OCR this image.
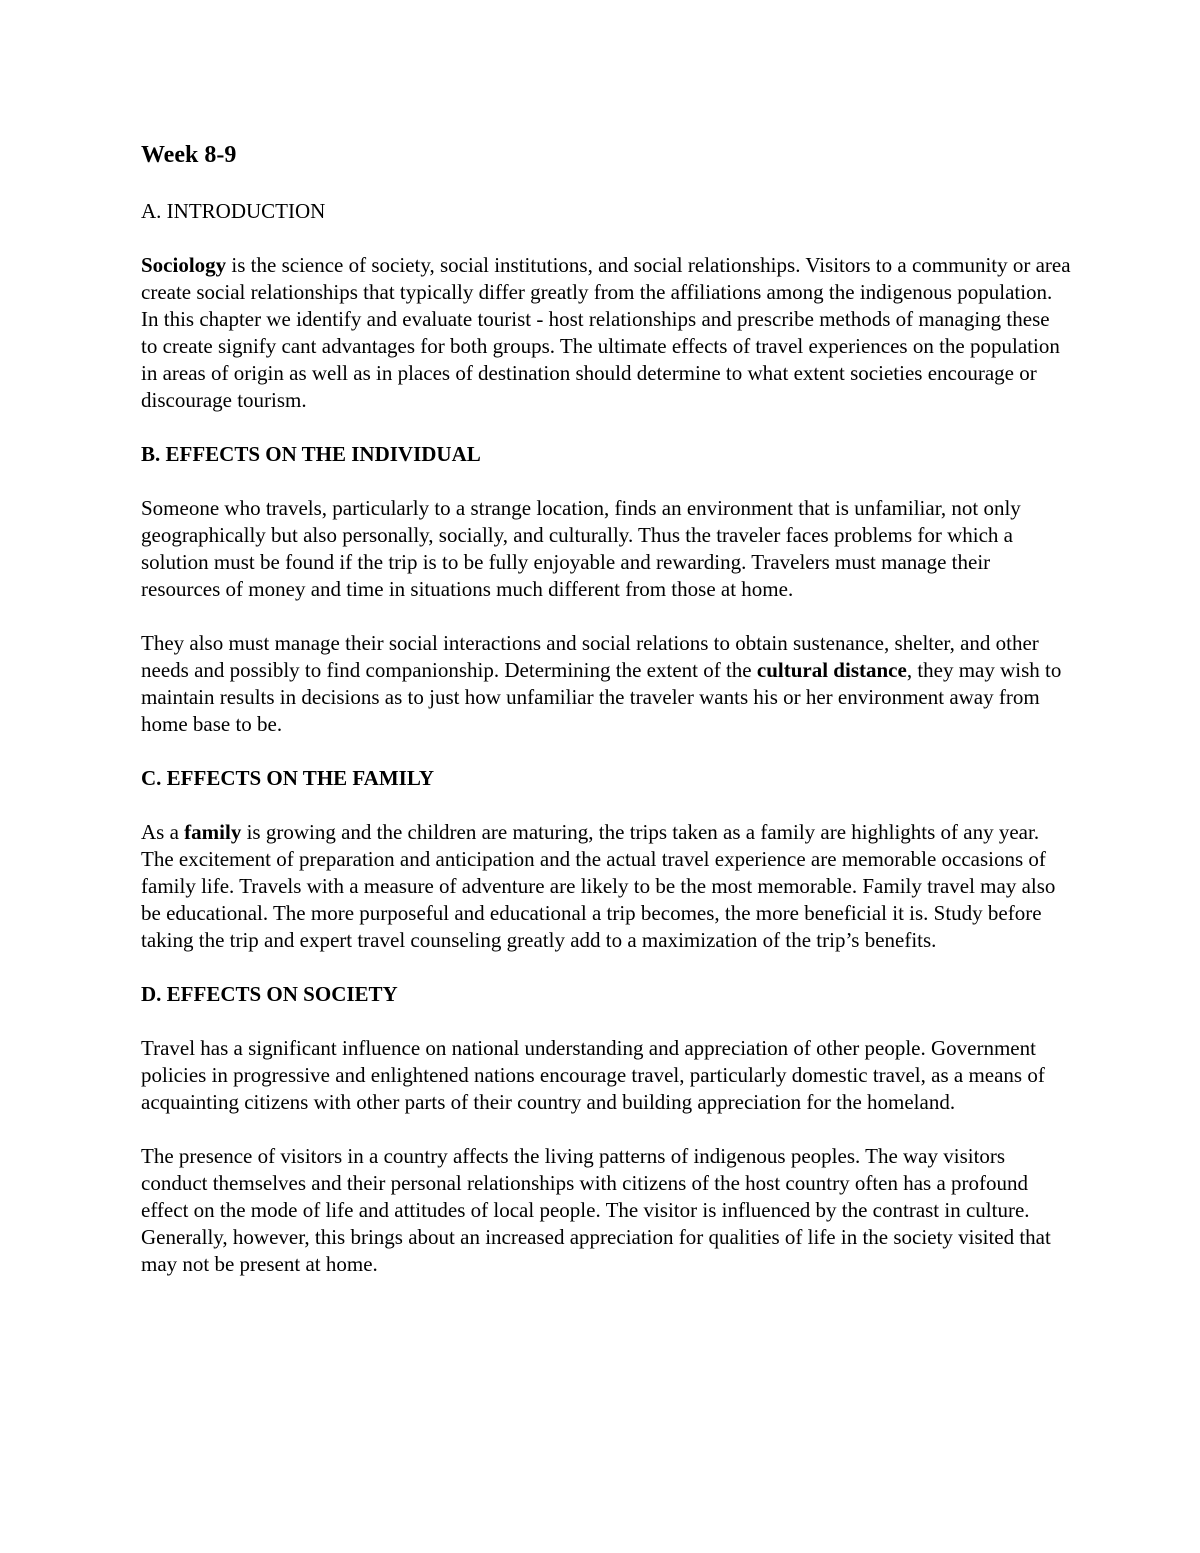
Week 8-9
A. INTRODUCTION

Sociology is the science of society, social institutions, and social relationships. Visitors to a community or area create social relationships that typically differ greatly from the affiliations among the indigenous population. In this chapter we identify and evaluate tourist - host relationships and prescribe methods of managing these to create signify cant advantages for both groups. The ultimate effects of travel experiences on the population in areas of origin as well as in places of destination should determine to what extent societies encourage or discourage tourism.

B. EFFECTS ON THE INDIVIDUAL

Someone who travels, particularly to a strange location, finds an environment that is unfamiliar, not only geographically but also personally, socially, and culturally. Thus the traveler faces problems for which a solution must be found if the trip is to be fully enjoyable and rewarding. Travelers must manage their resources of money and time in situations much different from those at home.

They also must manage their social interactions and social relations to obtain sustenance, shelter, and other needs and possibly to find companionship. Determining the extent of the cultural distance, they may wish to maintain results in decisions as to just how unfamiliar the traveler wants his or her environment away from home base to be.

C. EFFECTS ON THE FAMILY

As a family is growing and the children are maturing, the trips taken as a family are highlights of any year. The excitement of preparation and anticipation and the actual travel experience are memorable occasions of family life. Travels with a measure of adventure are likely to be the most memorable. Family travel may also be educational. The more purposeful and educational a trip becomes, the more beneficial it is. Study before taking the trip and expert travel counseling greatly add to a maximization of the trip’s benefits.

D. EFFECTS ON SOCIETY

Travel has a significant influence on national understanding and appreciation of other people. Government policies in progressive and enlightened nations encourage travel, particularly domestic travel, as a means of acquainting citizens with other parts of their country and building appreciation for the homeland.

The presence of visitors in a country affects the living patterns of indigenous peoples. The way visitors conduct themselves and their personal relationships with citizens of the host country often has a profound effect on the mode of life and attitudes of local people. The visitor is influenced by the contrast in culture. Generally, however, this brings about an increased appreciation for qualities of life in the society visited that may not be present at home.
